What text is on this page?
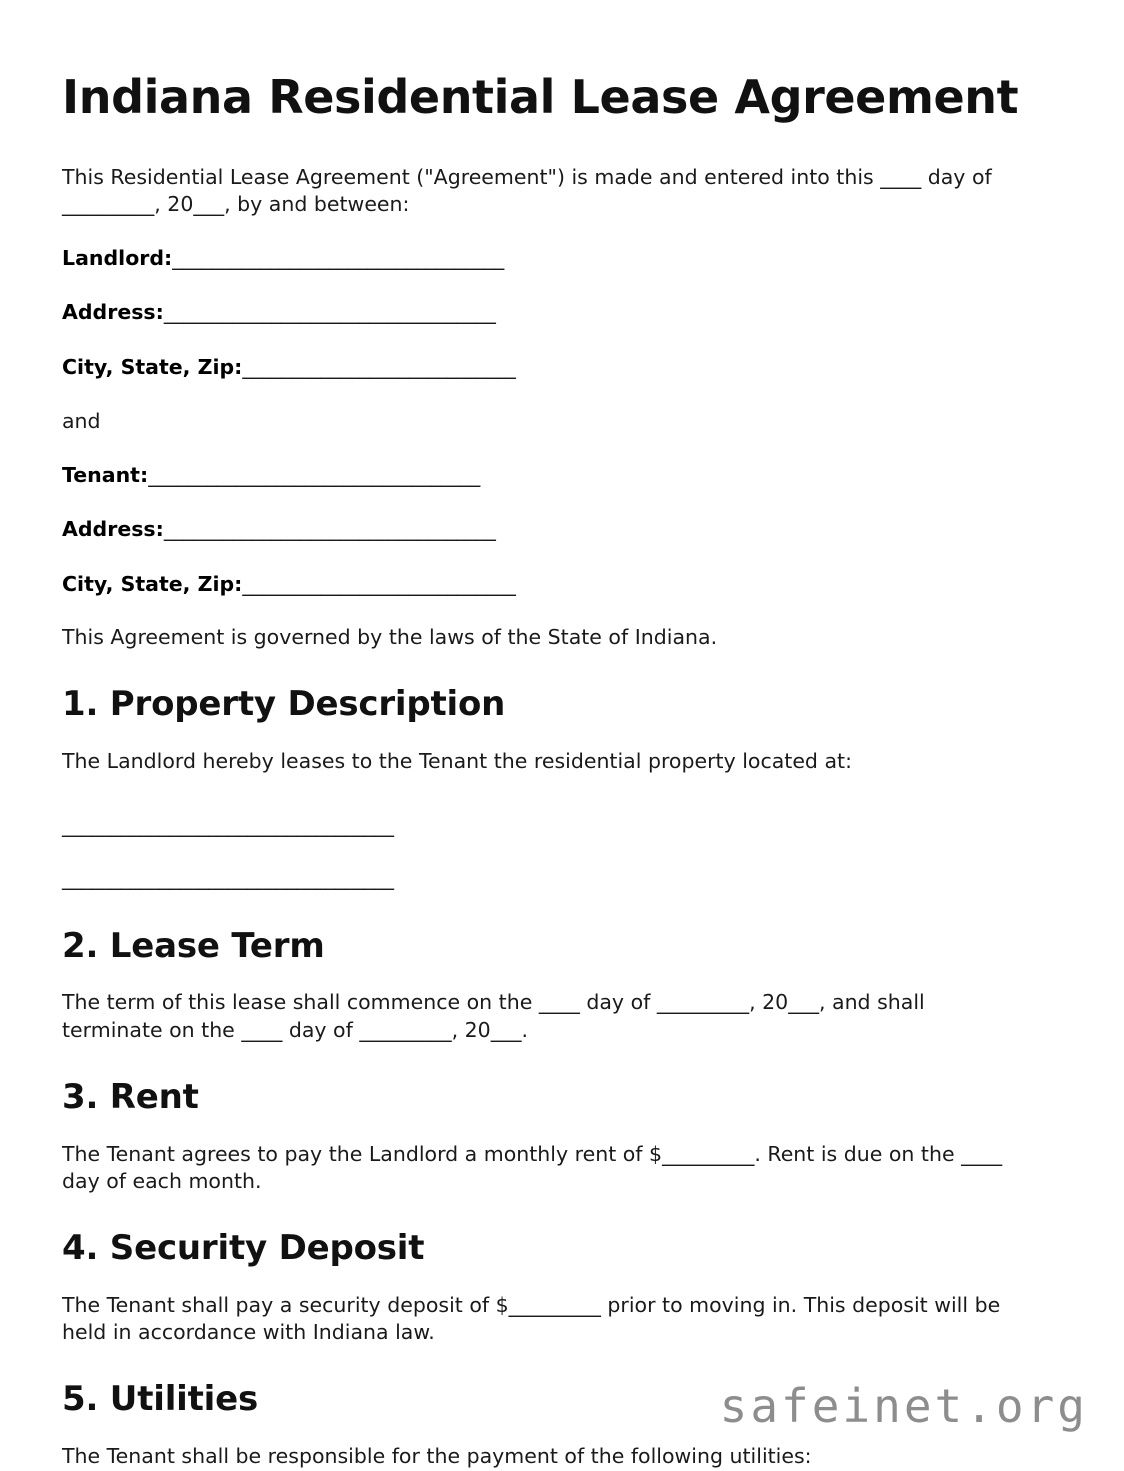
Indiana Residential Lease Agreement

This Residential Lease Agreement ("Agreement") is made and entered into this ____ day of _________, 20___, by and between:

Landlord:__________________________________
Address:__________________________________
City, State, Zip:____________________________
and
Tenant:__________________________________
Address:__________________________________
City, State, Zip:____________________________

This Agreement is governed by the laws of the State of Indiana.

1. Property Description

The Landlord hereby leases to the Tenant the residential property located at:

__________________________________
__________________________________
2. Lease Term

The term of this lease shall commence on the ____ day of _________, 20___, and shall terminate on the ____ day of _________, 20___.

3. Rent

The Tenant agrees to pay the Landlord a monthly rent of $_________. Rent is due on the ____ day of each month.

4. Security Deposit

The Tenant shall pay a security deposit of $_________ prior to moving in. This deposit will be held in accordance with Indiana law.

5. Utilities

The Tenant shall be responsible for the payment of the following utilities:

safeinet.org
